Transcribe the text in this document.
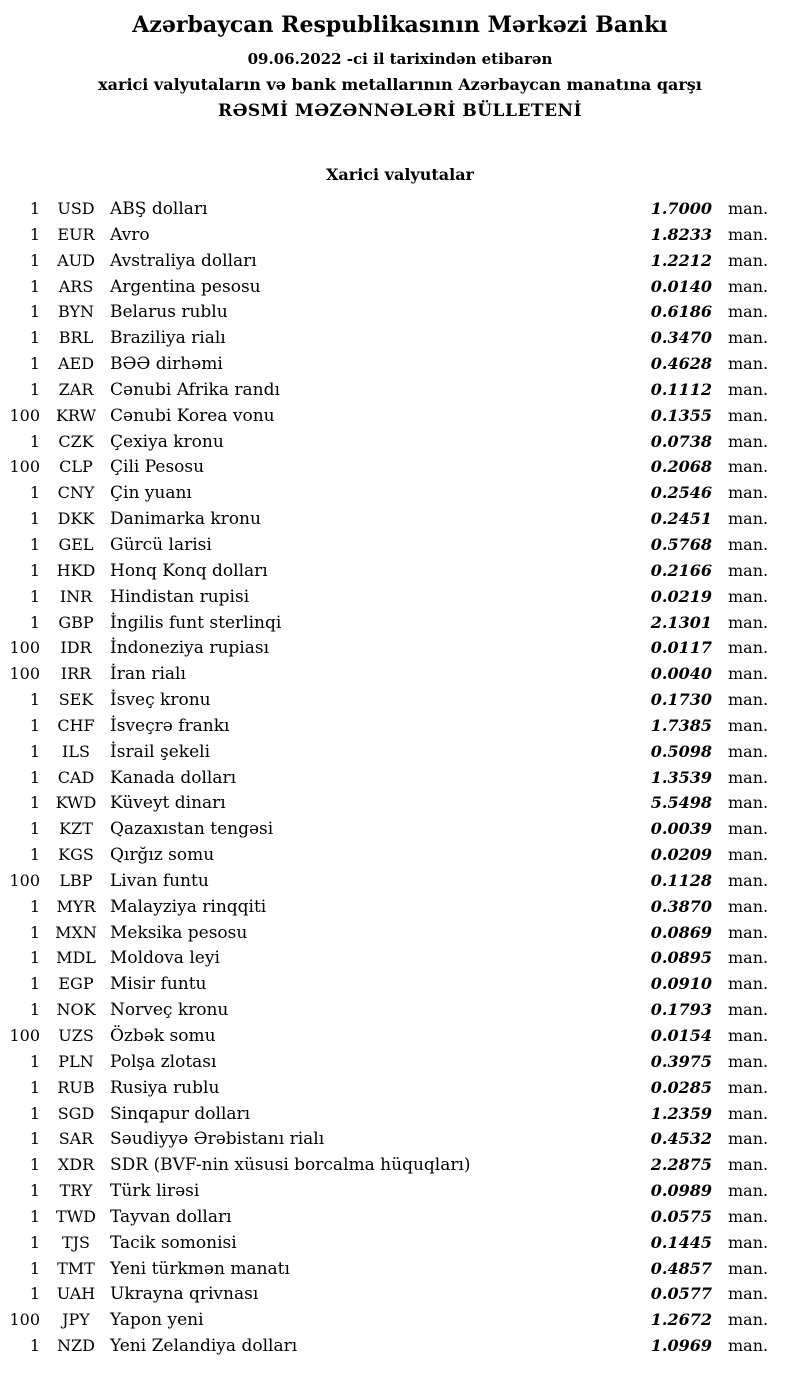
Azərbaycan Respublikasının Mərkəzi Bankı
09.06.2022 -ci il tarixindən etibarən
xarici valyutaların və bank metallarının Azərbaycan manatına qarşı
RƏSMİ MƏZƏNNƏLƏRİ BÜLLETENİ
Xarici valyutalar
1	USD ABŞ dolları	1.7000	man.
1	EUR Avro	1.8233	man.
1	AUD Avstraliya dolları	1.2212	man.
1	ARS Argentina pesosu	0.0140	man.
1	BYN Belarus rublu	0.6186	man.
1	BRL Braziliya rialı	0.3470	man.
1	AED BƏƏ dirhəmi	0.4628	man.
1	ZAR Cənubi Afrika randı	0.1112	man.
100 KRW Cənubi Korea vonu	0.1355	man.
1	CZK Çexiya kronu	0.0738	man.
100	CLP	Çili Pesosu	0.2068	man.
1	CNY Çin yuanı	0.2546	man.
1	DKK Danimarka kronu	0.2451	man.
1	GEL Gürcü larisi	0.5768	man.
1	HKD Honq Konq dolları	0.2166	man.
1	INR	Hindistan rupisi	0.0219	man.
1	GBP İngilis funt sterlinqi	2.1301	man.
100	IDR	İndoneziya rupiası	0.0117	man.
100	IRR	İran rialı	0.0040	man.
1	SEK İsveç kronu	0.1730	man.
1	CHF İsveçrə frankı	1.7385	man.
1	ILS	İsrail şekeli	0.5098	man.
1	CAD Kanada dolları	1.3539	man.
1 KWD Küveyt dinarı	5.5498	man.
1	KZT	Qazaxıstan tengəsi	0.0039	man.
1	KGS Qırğız somu	0.0209	man.
100	LBP	Livan funtu	0.1128	man.
1	MYR Malayziya rinqqiti	0.3870	man.
1 MXN Meksika pesosu	0.0869	man.
1	MDL Moldova leyi	0.0895	man.
1	EGP Misir funtu	0.0910	man.
1	NOK Norveç kronu	0.1793	man.
100	UZS Özbək somu	0.0154	man.
1	PLN Polşa zlotası	0.3975	man.
1	RUB Rusiya rublu	0.0285	man.
1	SGD Sinqapur dolları	1.2359	man.
1	SAR Səudiyyə Ərəbistanı rialı	0.4532	man.
1	XDR SDR (BVF-nin xüsusi borcalma hüquqları)	2.2875	man.
1	TRY	Türk lirəsi	0.0989	man.
1	TWD Tayvan dolları	0.0575	man.
1	TJS	Tacik somonisi	0.1445	man.
1	TMT Yeni türkmən manatı	0.4857	man.
1	UAH Ukrayna qrivnası	0.0577	man.
100	JPY	Yapon yeni	1.2672	man.
1	NZD Yeni Zelandiya dolları	1.0969	man.
